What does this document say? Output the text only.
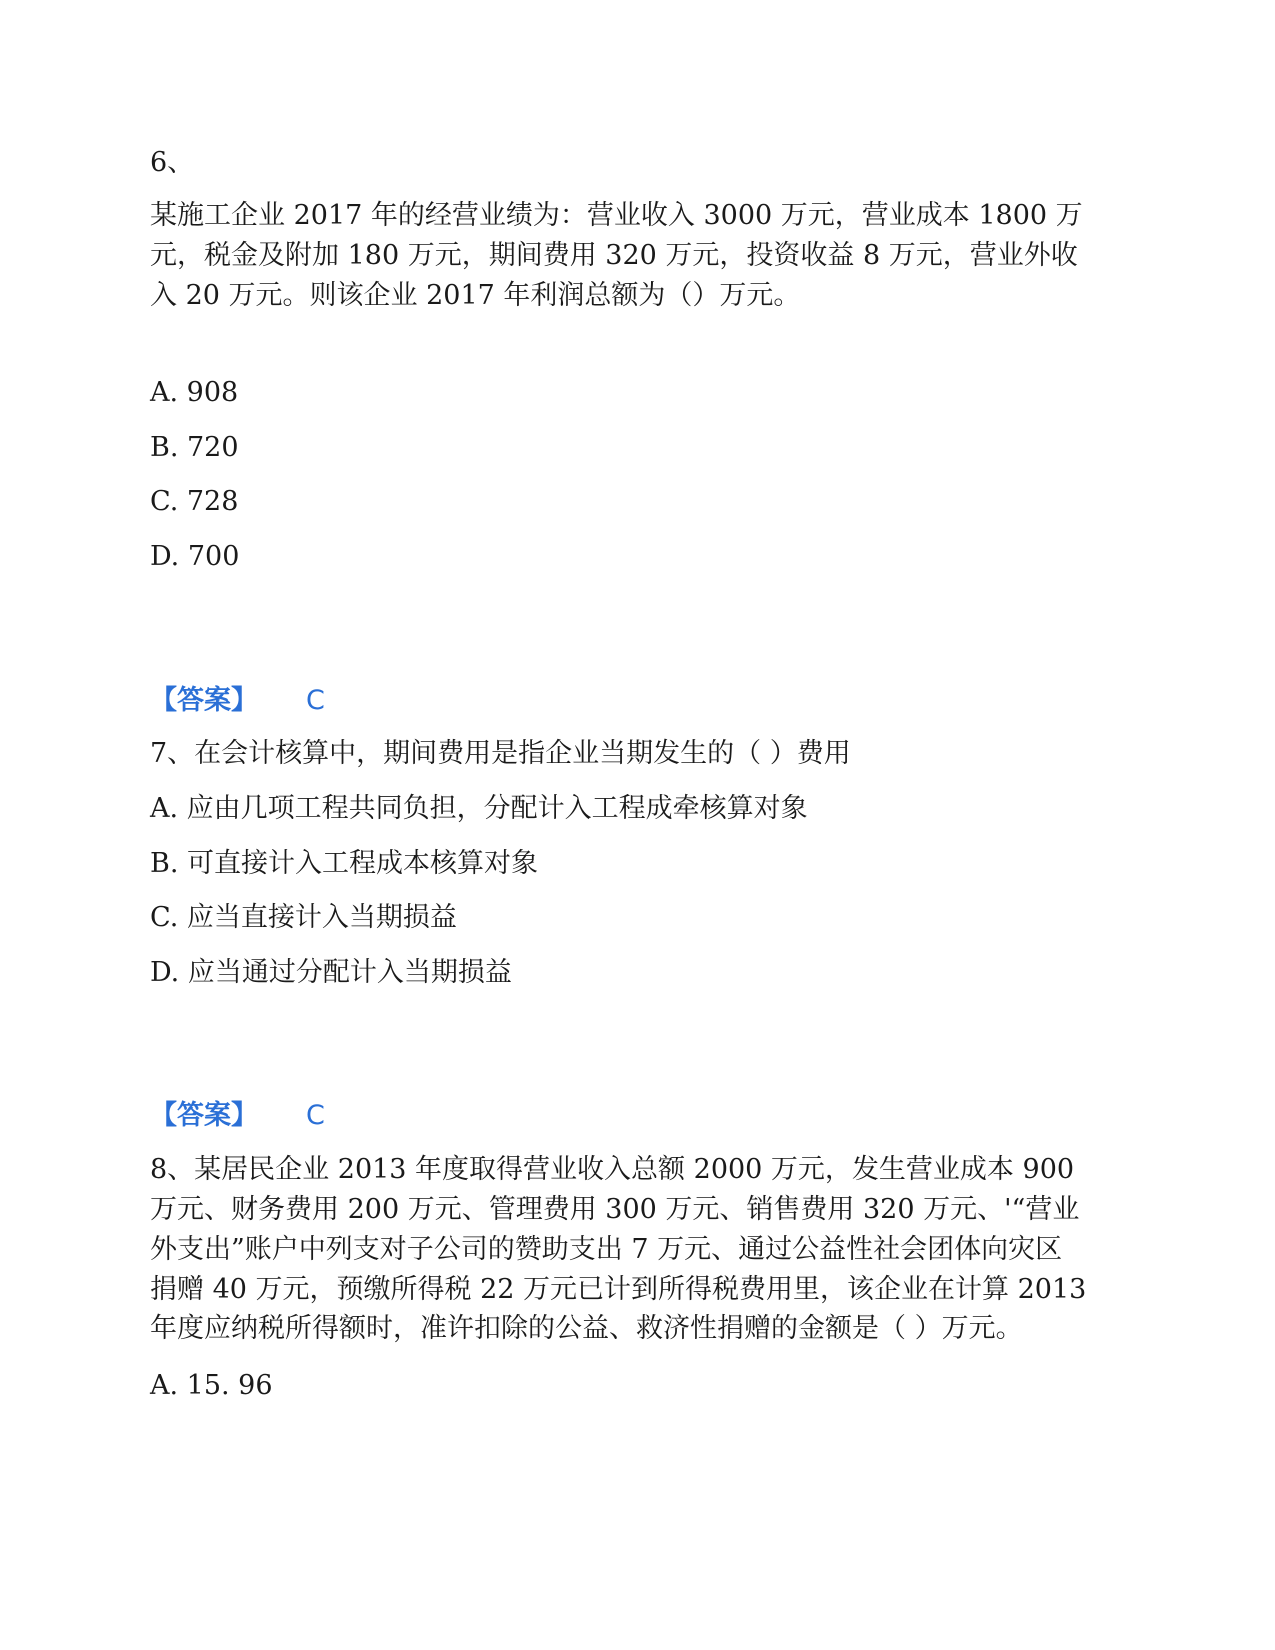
6、
某施工企业 2017 年的经营业绩为：营业收入 3000 万元，营业成本 1800 万
元，税金及附加 180 万元，期间费用 320 万元，投资收益 8 万元，营业外收
入 20 万元。则该企业 2017 年利润总额为（）万元。
A. 908
B. 720
C. 728
D. 700
【答案】 C
7、在会计核算中，期间费用是指企业当期发生的（ ）费用
A. 应由几项工程共同负担，分配计入工程成牵核算对象
B. 可直接计入工程成本核算对象
C. 应当直接计入当期损益
D. 应当通过分配计入当期损益
【答案】 C
8、某居民企业 2013 年度取得营业收入总额 2000 万元，发生营业成本 900
万元、财务费用 200 万元、管理费用 300 万元、销售费用 320 万元、'“营业
外支出”账户中列支对子公司的赞助支出 7 万元、通过公益性社会团体向灾区
捐赠 40 万元，预缴所得税 22 万元已计到所得税费用里，该企业在计算 2013
年度应纳税所得额时，准许扣除的公益、救济性捐赠的金额是（ ）万元。
A. 15. 96
